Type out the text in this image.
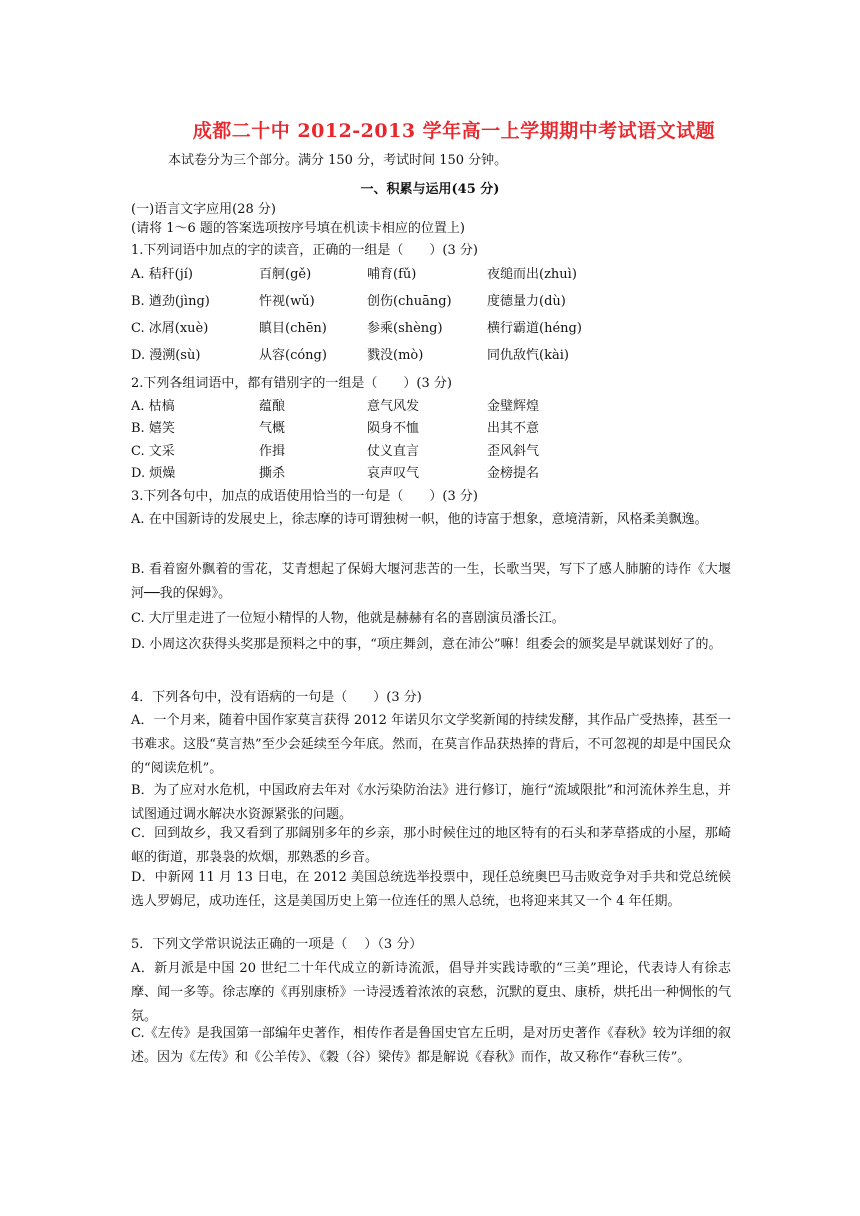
成都二十中 2012-2013 学年高一上学期期中考试语文试题
本试卷分为三个部分。满分 150 分，考试时间 150 分钟。
一、积累与运用(45 分)
(一)语言文字应用(28 分)
(请将 1～6 题的答案选项按序号填在机读卡相应的位置上)
1.下列词语中加点的字的读音，正确的一组是（　　）(3 分)
A. 秸秆(jí)	百舸(gě)	哺育(fǔ)	夜缒而出(zhuì)
B. 遒劲(jìng)	忤视(wǔ)	创伤(chuāng)	度德量力(dù)
C. 冰屑(xuè)	瞋目(chēn)	参乘(shèng)	横行霸道(héng)
D. 漫溯(sù)	从容(cóng)	戮没(mò)	同仇敌忾(kài)
2.下列各组词语中，都有错别字的一组是（　　）(3 分)
A. 枯槁	蕴酿	意气风发	金璧辉煌
B. 嬉笑	气概	陨身不恤	出其不意
C. 文采	作揖	仗义直言	歪风斜气
D. 烦燥	撕杀	哀声叹气	金榜提名
3.下列各句中，加点的成语使用恰当的一句是（　　）(3 分)
A. 在中国新诗的发展史上，徐志摩的诗可谓独树一帜，他的诗富于想象，意境清新，风格柔美飘逸。
B. 看着窗外飘着的雪花，艾青想起了保姆大堰河悲苦的一生，长歌当哭，写下了感人肺腑的诗作《大堰河──我的保姆》。
C. 大厅里走进了一位短小精悍的人物，他就是赫赫有名的喜剧演员潘长江。
D. 小周这次获得头奖那是预料之中的事，“项庄舞剑，意在沛公”嘛！组委会的颁奖是早就谋划好了的。
4．下列各句中，没有语病的一句是（　　）(3 分)
A．一个月来，随着中国作家莫言获得 2012 年诺贝尔文学奖新闻的持续发酵，其作品广受热捧，甚至一书难求。这股“莫言热”至少会延续至今年底。然而，在莫言作品获热捧的背后，不可忽视的却是中国民众的“阅读危机”。
B．为了应对水危机，中国政府去年对《水污染防治法》进行修订，施行“流域限批”和河流休养生息，并试图通过调水解决水资源紧张的问题。
C．回到故乡，我又看到了那阔别多年的乡亲，那小时候住过的地区特有的石头和茅草搭成的小屋，那崎岖的街道，那袅袅的炊烟，那熟悉的乡音。
D．中新网 11 月 13 日电，在 2012 美国总统选举投票中，现任总统奥巴马击败竞争对手共和党总统候选人罗姆尼，成功连任，这是美国历史上第一位连任的黑人总统，也将迎来其又一个 4 年任期。
5．下列文学常识说法正确的一项是（　 ）（3 分）
A．新月派是中国 20 世纪二十年代成立的新诗流派，倡导并实践诗歌的“三美”理论，代表诗人有徐志摩、闻一多等。徐志摩的《再别康桥》一诗浸透着浓浓的哀愁，沉默的夏虫、康桥，烘托出一种惆怅的气氛。
C.《左传》是我国第一部编年史著作，相传作者是鲁国史官左丘明，是对历史著作《春秋》较为详细的叙述。因为《左传》和《公羊传》、《穀（谷）梁传》都是解说《春秋》而作，故又称作“春秋三传”。
